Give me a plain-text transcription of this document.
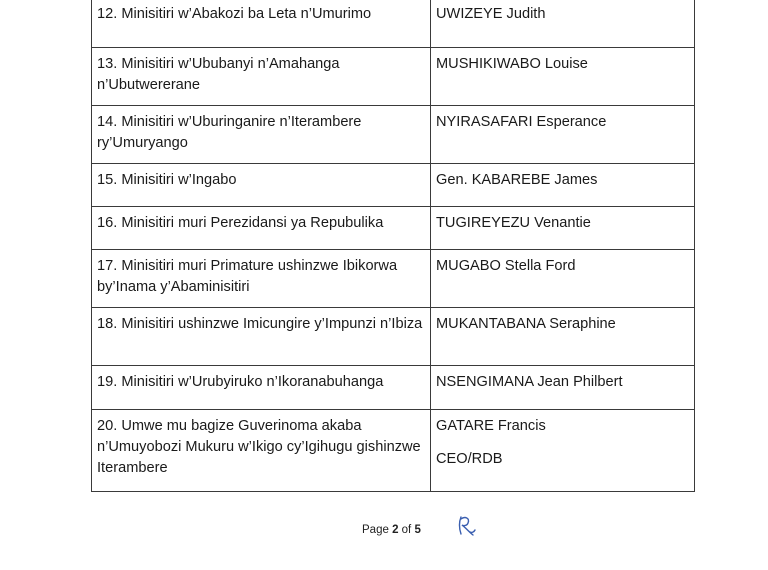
12. Minisitiri w’Abakozi ba Leta n’Umurimo	UWIZEYE Judith
13. Minisitiri w’Ububanyi n’Amahanga n’Ubutwererane	MUSHIKIWABO Louise
14. Minisitiri w’Uburinganire n’Iterambere ry’Umuryango	NYIRASAFARI Esperance
15. Minisitiri w’Ingabo	Gen. KABAREBE James
16. Minisitiri muri Perezidansi ya Repubulika	TUGIREYEZU Venantie
17. Minisitiri muri Primature ushinzwe Ibikorwa by’Inama y’Abaminisitiri	MUGABO Stella Ford
18. Minisitiri ushinzwe Imicungire y’Impunzi n’Ibiza	MUKANTABANA Seraphine
19. Minisitiri w’Urubyiruko n’Ikoranabuhanga	NSENGIMANA Jean Philbert
20. Umwe mu bagize Guverinoma akaba n’Umuyobozi Mukuru w’Ikigo cy’Igihugu gishinzwe Iterambere	GATARE Francis
CEO/RDB
Page 2 of 5
